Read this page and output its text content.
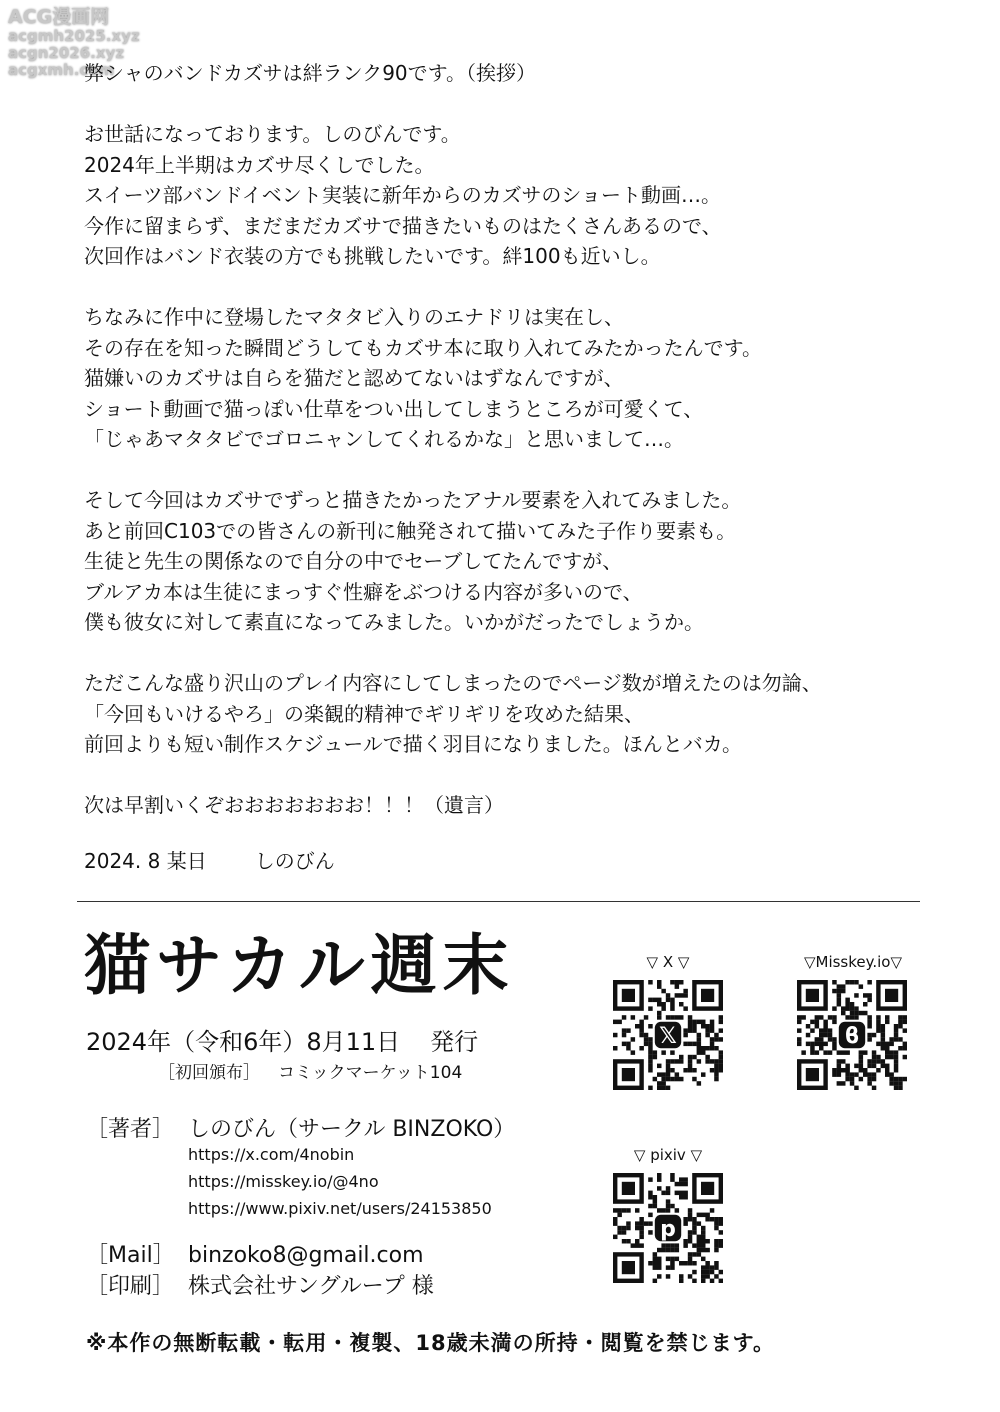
ACG漫画网
acgmh2025.xyz
acgn2026.xyz
acgxmh.com

弊シャのバンドカズサは絆ランク90です。（挨拶）

お世話になっております。しのびんです。
2024年上半期はカズサ尽くしでした。
スイーツ部バンドイベント実装に新年からのカズサのショート動画…。
今作に留まらず、まだまだカズサで描きたいものはたくさんあるので、
次回作はバンド衣装の方でも挑戦したいです。絆100も近いし。

ちなみに作中に登場したマタタビ入りのエナドリは実在し、
その存在を知った瞬間どうしてもカズサ本に取り入れてみたかったんです。
猫嫌いのカズサは自らを猫だと認めてないはずなんですが、
ショート動画で猫っぽい仕草をつい出してしまうところが可愛くて、
「じゃあマタタビでゴロニャンしてくれるかな」と思いまして…。

そして今回はカズサでずっと描きたかったアナル要素を入れてみました。
あと前回C103での皆さんの新刊に触発されて描いてみた子作り要素も。
生徒と先生の関係なので自分の中でセーブしてたんですが、
ブルアカ本は生徒にまっすぐ性癖をぶつける内容が多いので、
僕も彼女に対して素直になってみました。いかがだったでしょうか。

ただこんな盛り沢山のプレイ内容にしてしまったのでページ数が増えたのは勿論、
「今回もいけるやろ」の楽観的精神でギリギリを攻めた結果、
前回よりも短い制作スケジュールで描く羽目になりました。ほんとバカ。

次は早割いくぞおおおおおおお！！！（遺言）

2024. 8 某日 しのびん
猫サカル週末
2024年（令和6年）8月11日 発行
［初回頒布］ コミックマーケット104
［著者］ しのびん（サークル BINZOKO）
https://x.com/4nobin
https://misskey.io/@4no
https://www.pixiv.net/users/24153850
［Mail］ binzoko8@gmail.com
［印刷］ 株式会社サングループ 様
※本作の無断転載・転用・複製、18歳未満の所持・閲覧を禁じます。
▽ X ▽
𝕏
▽Misskey.io▽
ϐ
▽ pixiv ▽
p
